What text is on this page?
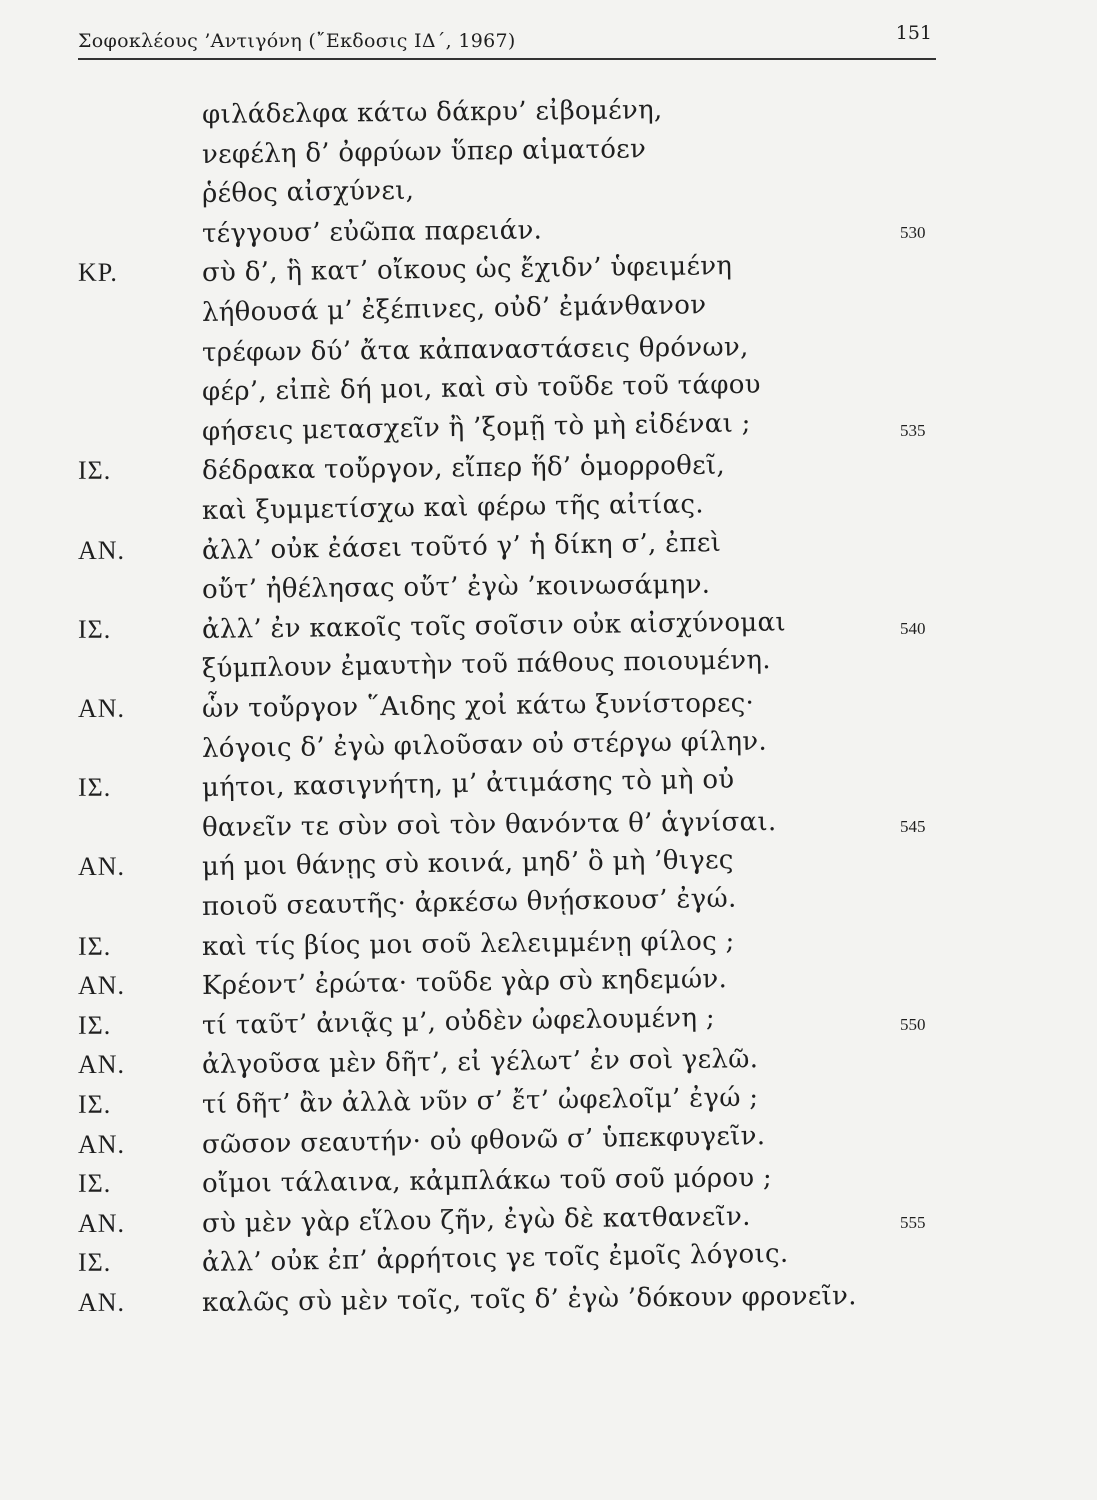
Σοφοκλέους ’Αντιγόνη (῎Εκδοσις ΙΔ΄, 1967)	151
φιλάδελφα κάτω δάκρυ’ εἰβομένη,
νεφέλη δ’ ὀφρύων ὕπερ αἱματόεν
ῥέθος αἰσχύνει,
τέγγουσ’ εὐῶπα παρειάν.	530
ΚΡ.	σὺ δ’, ἣ κατ’ οἴκους ὡς ἔχιδν’ ὑφειμένη
λήθουσά μ’ ἐξέπινες, οὐδ’ ἐμάνθανον
τρέφων δύ’ ἄτα κἀπαναστάσεις θρόνων,
φέρ’, εἰπὲ δή μοι, καὶ σὺ τοῦδε τοῦ τάφου
φήσεις μετασχεῖν ἢ ’ξομῇ τὸ μὴ εἰδέναι ;	535
ΙΣ.	δέδρακα τοὔργον, εἴπερ ἥδ’ ὁμορροθεῖ,
καὶ ξυμμετίσχω καὶ φέρω τῆς αἰτίας.
ΑΝ.	ἀλλ’ οὐκ ἐάσει τοῦτό γ’ ἡ δίκη σ’, ἐπεὶ
οὔτ’ ἠθέλησας οὔτ’ ἐγὼ ’κοινωσάμην.
ΙΣ.	ἀλλ’ ἐν κακοῖς τοῖς σοῖσιν οὐκ αἰσχύνομαι	540
ξύμπλουν ἐμαυτὴν τοῦ πάθους ποιουμένη.
ΑΝ.	ὧν τοὔργον ῞Αιδης χοἰ κάτω ξυνίστορες·
λόγοις δ’ ἐγὼ φιλοῦσαν οὐ στέργω φίλην.
ΙΣ.	μήτοι, κασιγνήτη, μ’ ἀτιμάσης τὸ μὴ οὐ
θανεῖν τε σὺν σοὶ τὸν θανόντα θ’ ἁγνίσαι.	545
ΑΝ.	μή μοι θάνῃς σὺ κοινά, μηδ’ ὃ μὴ ’θιγες
ποιοῦ σεαυτῆς· ἀρκέσω θνῄσκουσ’ ἐγώ.
ΙΣ.	καὶ τίς βίος μοι σοῦ λελειμμένῃ φίλος ;
ΑΝ.	Κρέοντ’ ἐρώτα· τοῦδε γὰρ σὺ κηδεμών.
ΙΣ.	τί ταῦτ’ ἀνιᾷς μ’, οὐδὲν ὠφελουμένη ;	550
ΑΝ.	ἀλγοῦσα μὲν δῆτ’, εἰ γέλωτ’ ἐν σοὶ γελῶ.
ΙΣ.	τί δῆτ’ ἂν ἀλλὰ νῦν σ’ ἔτ’ ὠφελοῖμ’ ἐγώ ;
ΑΝ.	σῶσον σεαυτήν· οὐ φθονῶ σ’ ὑπεκφυγεῖν.
ΙΣ.	οἴμοι τάλαινα, κἀμπλάκω τοῦ σοῦ μόρου ;
ΑΝ.	σὺ μὲν γὰρ εἵλου ζῆν, ἐγὼ δὲ κατθανεῖν.	555
ΙΣ.	ἀλλ’ οὐκ ἐπ’ ἀρρήτοις γε τοῖς ἐμοῖς λόγοις.
ΑΝ.	καλῶς σὺ μὲν τοῖς, τοῖς δ’ ἐγὼ ’δόκουν φρονεῖν.
